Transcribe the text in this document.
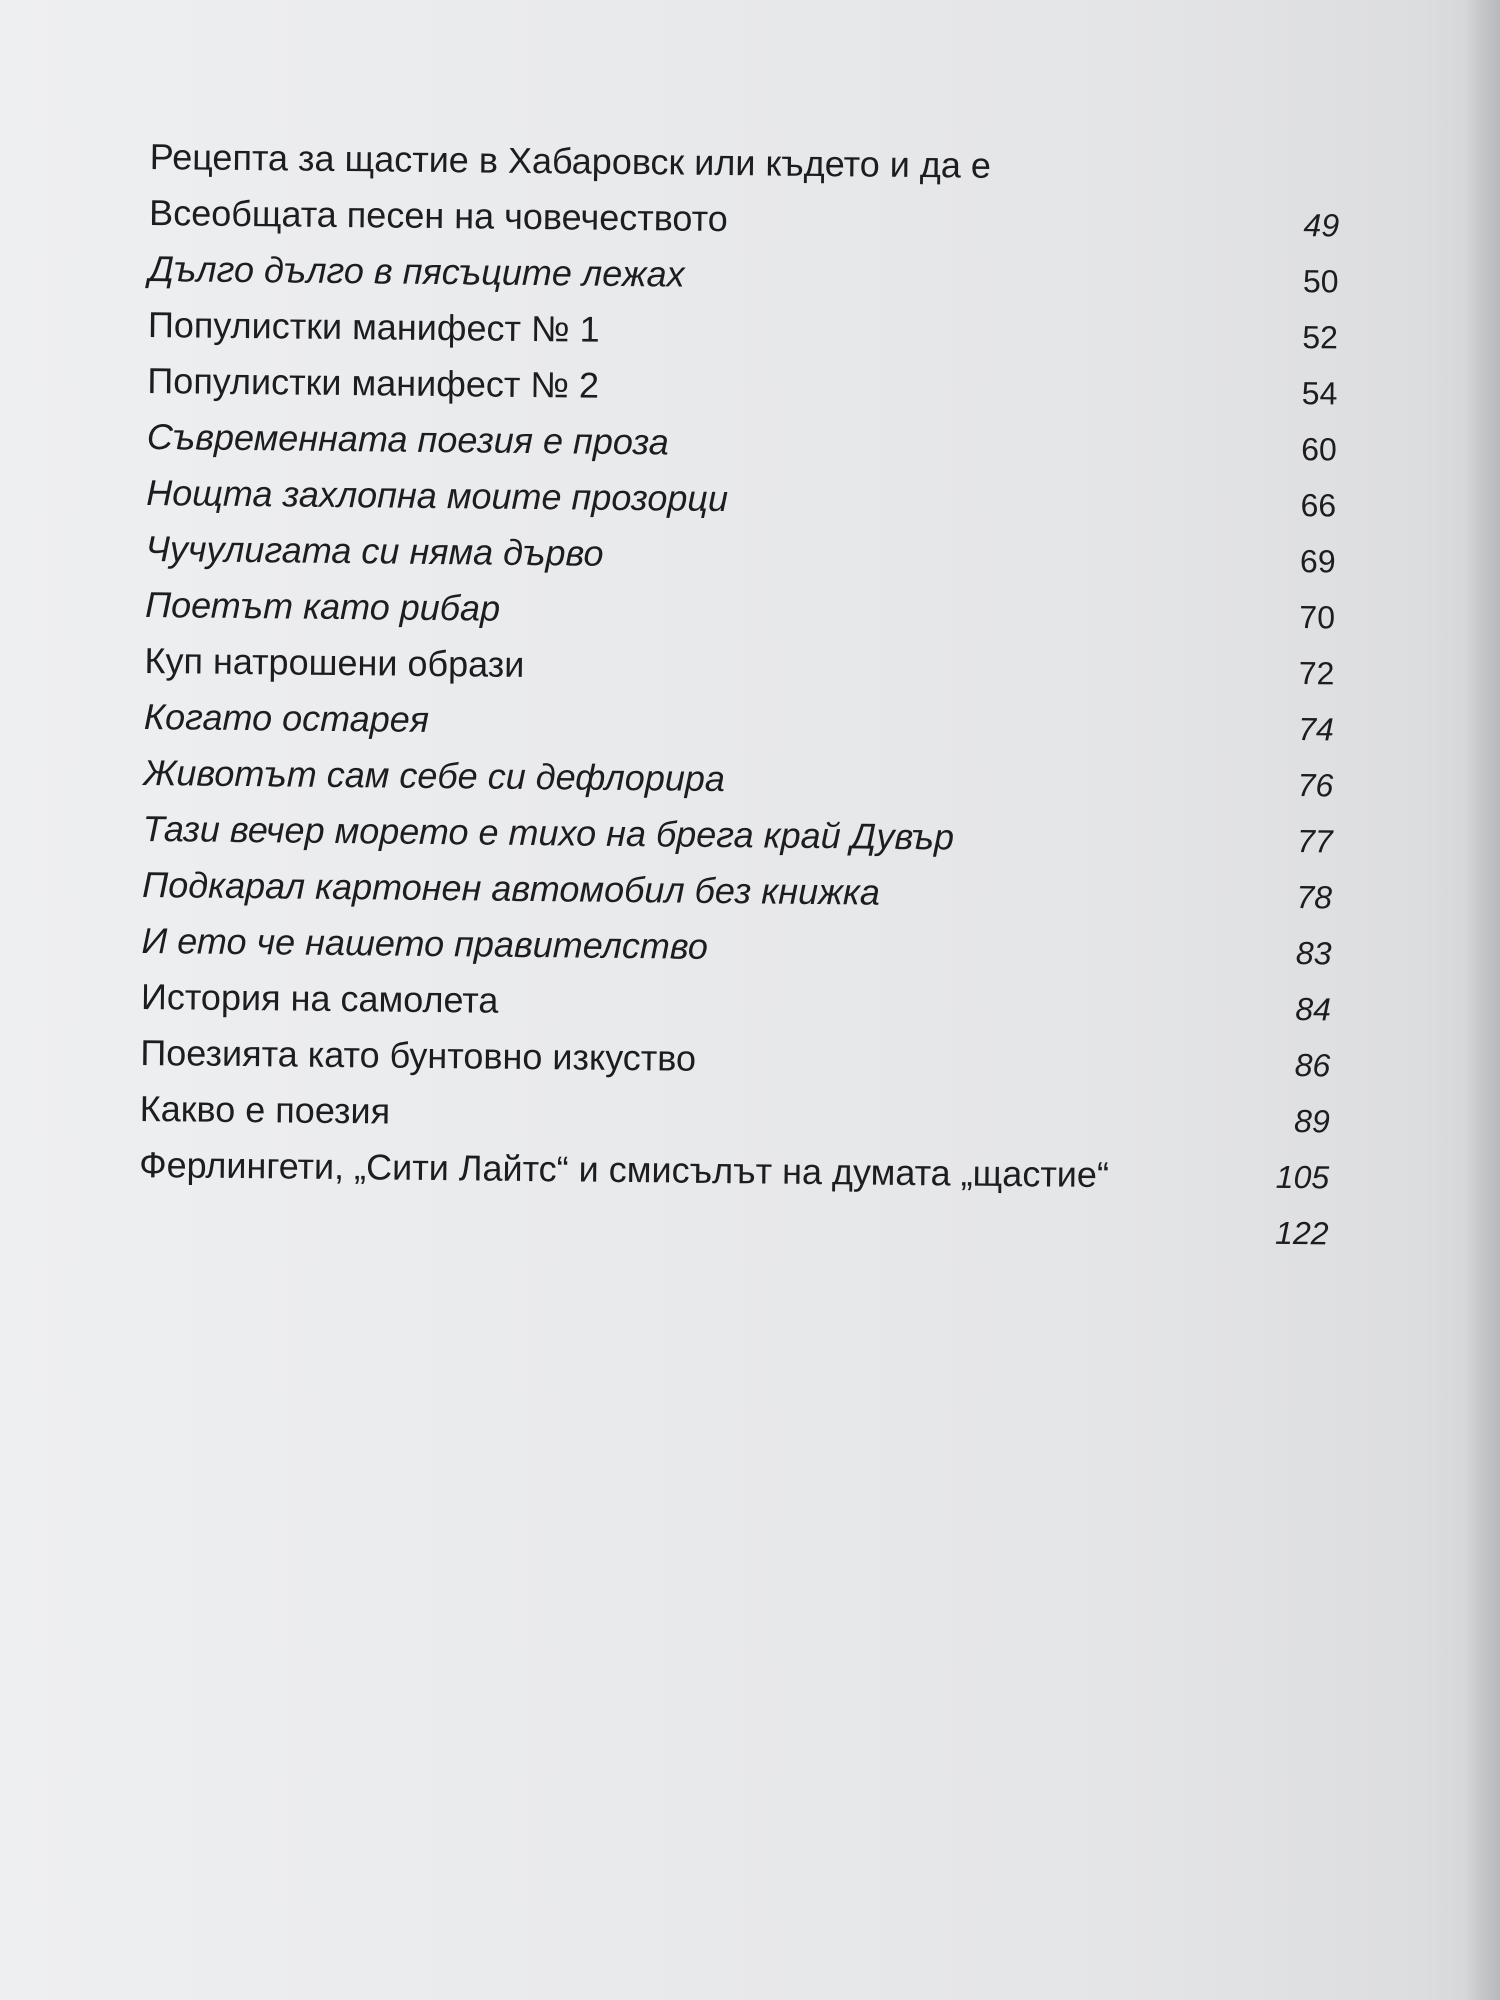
Рецепта за щастие в Хабаровск или където и да е
Всеобщата песен на човечеството	49
Дълго дълго в пясъците лежах	50
Популистки манифест № 1	52
Популистки манифест № 2	54
Съвременната поезия е проза	60
Нощта захлопна моите прозорци	66
Чучулигата си няма дърво	69
Поетът като рибар	70
Куп натрошени образи	72
Когато остарея	74
Животът сам себе си дефлорира	76
Тази вечер морето е тихо на брега край Дувър	77
Подкарал картонен автомобил без книжка	78
И ето че нашето правителство	83
История на самолета	84
Поезията като бунтовно изкуство	86
Какво е поезия	89
Ферлингети, „Сити Лайтс“ и смисълът на думата „щастие“	105
122
